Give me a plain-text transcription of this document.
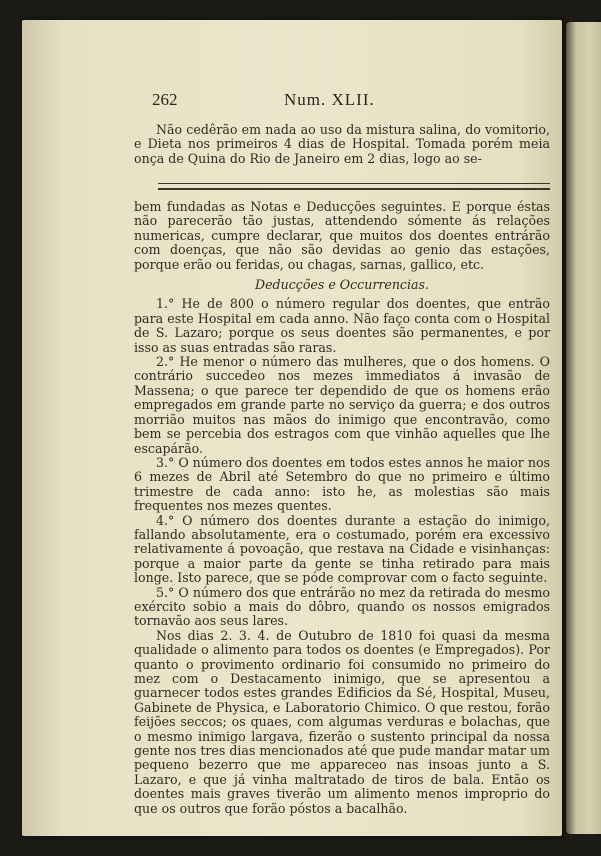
262	Num. XLII.

Não cedêrão em nada ao uso da mistura salina, do vomitorio, e Dieta nos primeiros 4 dias de Hospital. Tomada porém meia onça de Quina do Rio de Janeiro em 2 dias, logo ao se-

bem fundadas as Notas e Deducções seguintes. E porque éstas não parecerão tão justas, attendendo sómente ás relações numericas, cumpre declarar, que muitos dos doentes entrárão com doenças, que não são devidas ao genio das estações, porque erão ou feridas, ou chagas, sarnas, gallico, etc.

Deducções e Occurrencias.

1.° He de 800 o número regular dos doentes, que entrão para este Hospital em cada anno. Não faço conta com o Hospital de S. Lazaro; porque os seus doentes são permanentes, e por isso as suas entradas são raras.

2.° He menor o número das mulheres, que o dos homens. O contrário succedeo nos mezes immediatos á invasão de Massena; o que parece ter dependido de que os homens erão empregados em grande parte no serviço da guerra; e dos outros morrião muitos nas mãos do inimigo que encontravão, como bem se percebia dos estragos com que vinhão aquelles que lhe escapárão.

3.° O número dos doentes em todos estes annos he maior nos 6 mezes de Abril até Setembro do que no primeiro e último trimestre de cada anno: isto he, as molestias são mais frequentes nos mezes quentes.

4.° O número dos doentes durante a estação do inimigo, fallando absolutamente, era o costumado, porém era excessivo relativamente á povoação, que restava na Cidade e visinhanças: porque a maior parte da gente se tinha retirado para mais longe. Isto parece, que se póde comprovar com o facto seguinte.

5.° O número dos que entrárão no mez da retirada do mesmo exército sobio a mais do dôbro, quando os nossos emigrados tornavão aos seus lares.

Nos dias 2. 3. 4. de Outubro de 1810 foi quasi da mesma qualidade o alimento para todos os doentes (e Empregados). Por quanto o provimento ordinario foi consumido no primeiro do mez com o Destacamento inimigo, que se apresentou a guarnecer todos estes grandes Edificios da Sé, Hospital, Museu, Gabinete de Physica, e Laboratorio Chimico. O que restou, forão feijões seccos; os quaes, com algumas verduras e bolachas, que o mesmo inimigo largava, fizerão o sustento principal da nossa gente nos tres dias mencionados até que pude mandar matar um pequeno bezerro que me appareceo nas insoas junto a S. Lazaro, e que já vinha maltratado de tiros de bala. Então os doentes mais graves tiverão um alimento menos improprio do que os outros que forão póstos a bacalhão.
